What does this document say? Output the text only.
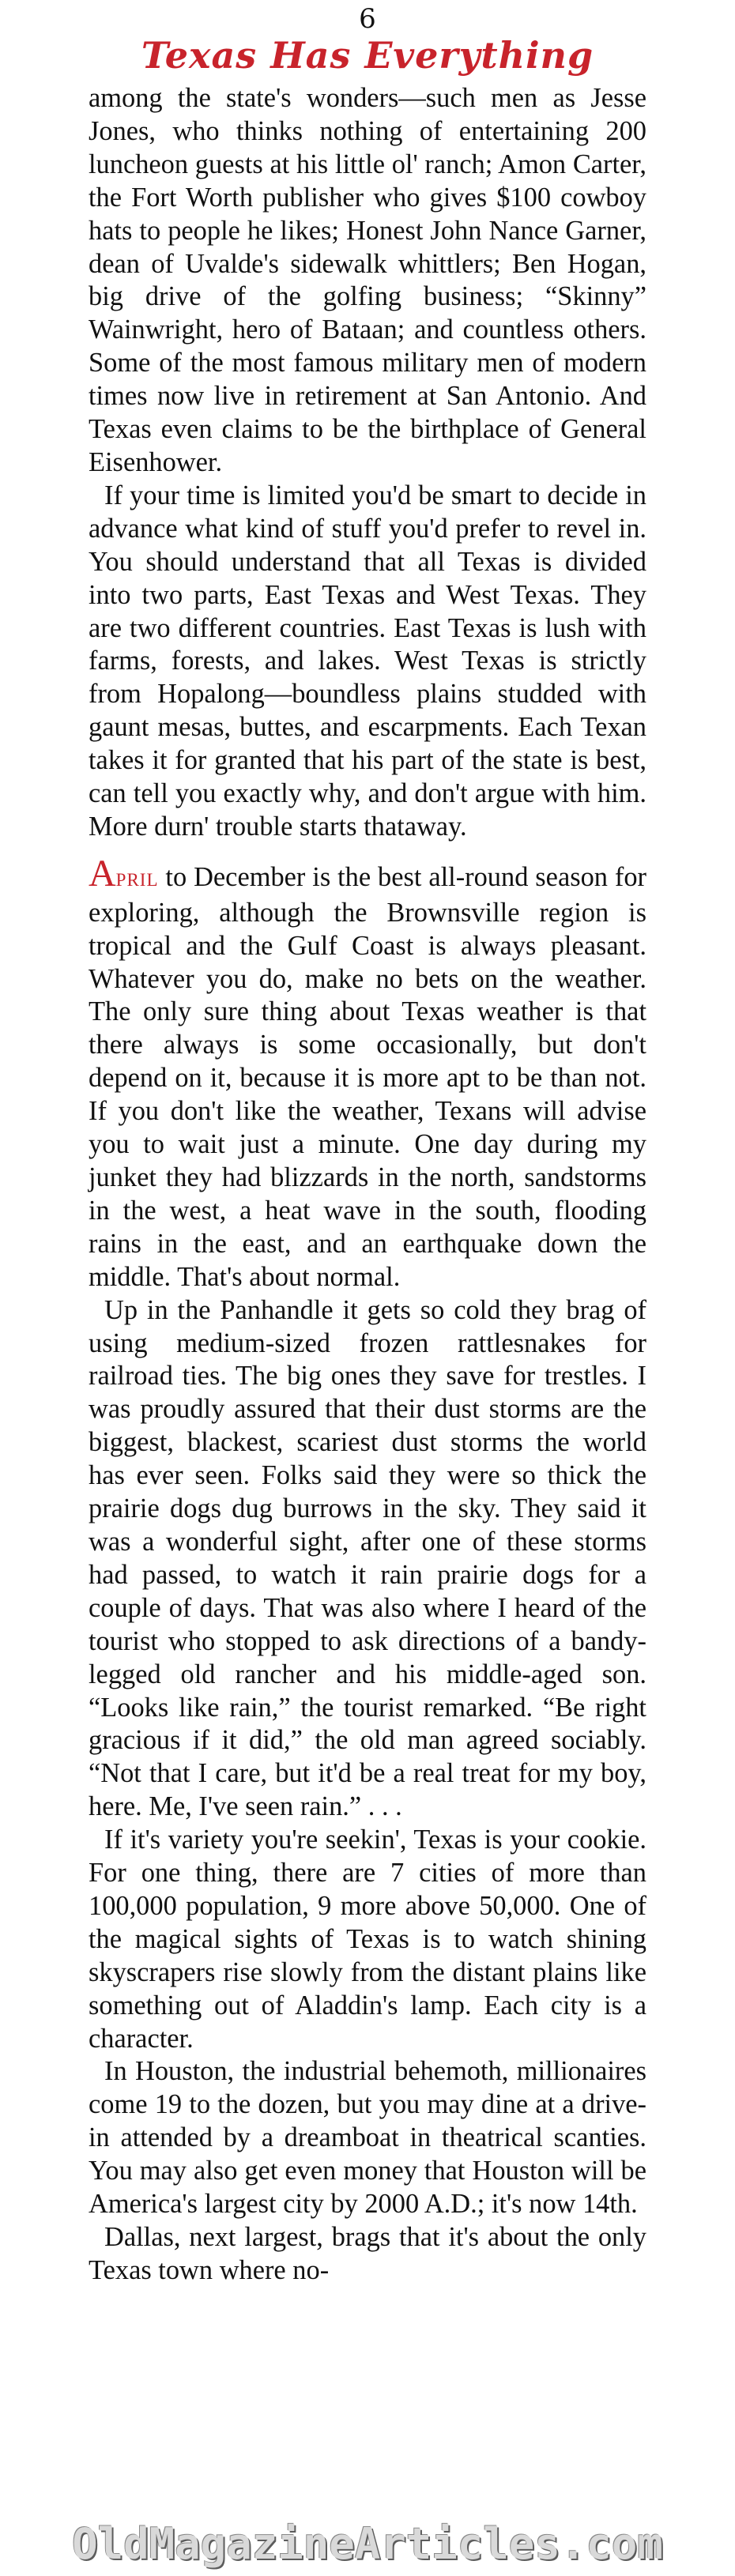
6
Texas Has Everything

among the state's wonders—such men as Jesse Jones, who thinks nothing of entertaining 200 luncheon guests at his little ol' ranch; Amon Carter, the Fort Worth publisher who gives $100 cowboy hats to people he likes; Honest John Nance Garner, dean of Uvalde's sidewalk whittlers; Ben Hogan, big drive of the golfing business; “Skinny” Wainwright, hero of Bataan; and countless others. Some of the most famous military men of modern times now live in retirement at San Antonio. And Texas even claims to be the birthplace of General Eisenhower.

If your time is limited you'd be smart to decide in advance what kind of stuff you'd prefer to revel in. You should understand that all Texas is divided into two parts, East Texas and West Texas. They are two different countries. East Texas is lush with farms, forests, and lakes. West Texas is strictly from Hopalong—boundless plains studded with gaunt mesas, buttes, and escarpments. Each Texan takes it for granted that his part of the state is best, can tell you exactly why, and don't argue with him. More durn' trouble starts thataway.

APRIL to December is the best all-round season for exploring, although the Brownsville region is tropical and the Gulf Coast is always pleasant. Whatever you do, make no bets on the weather. The only sure thing about Texas weather is that there always is some occasionally, but don't depend on it, because it is more apt to be than not. If you don't like the weather, Texans will advise you to wait just a minute. One day during my junket they had blizzards in the north, sandstorms in the west, a heat wave in the south, flooding rains in the east, and an earthquake down the middle. That's about normal.

Up in the Panhandle it gets so cold they brag of using medium-sized frozen rattlesnakes for railroad ties. The big ones they save for trestles. I was proudly assured that their dust storms are the biggest, blackest, scariest dust storms the world has ever seen. Folks said they were so thick the prairie dogs dug burrows in the sky. They said it was a wonderful sight, after one of these storms had passed, to watch it rain prairie dogs for a couple of days. That was also where I heard of the tourist who stopped to ask directions of a bandy-legged old rancher and his middle-aged son. “Looks like rain,” the tourist remarked. “Be right gracious if it did,” the old man agreed sociably. “Not that I care, but it'd be a real treat for my boy, here. Me, I've seen rain.” . . .

If it's variety you're seekin', Texas is your cookie. For one thing, there are 7 cities of more than 100,000 population, 9 more above 50,000. One of the magical sights of Texas is to watch shining skyscrapers rise slowly from the distant plains like something out of Aladdin's lamp. Each city is a character.

In Houston, the industrial behemoth, millionaires come 19 to the dozen, but you may dine at a drive-in attended by a dreamboat in theatrical scanties. You may also get even money that Houston will be America's largest city by 2000 A.D.; it's now 14th.

Dallas, next largest, brags that it's about the only Texas town where no-

OldMagazineArticles.com
